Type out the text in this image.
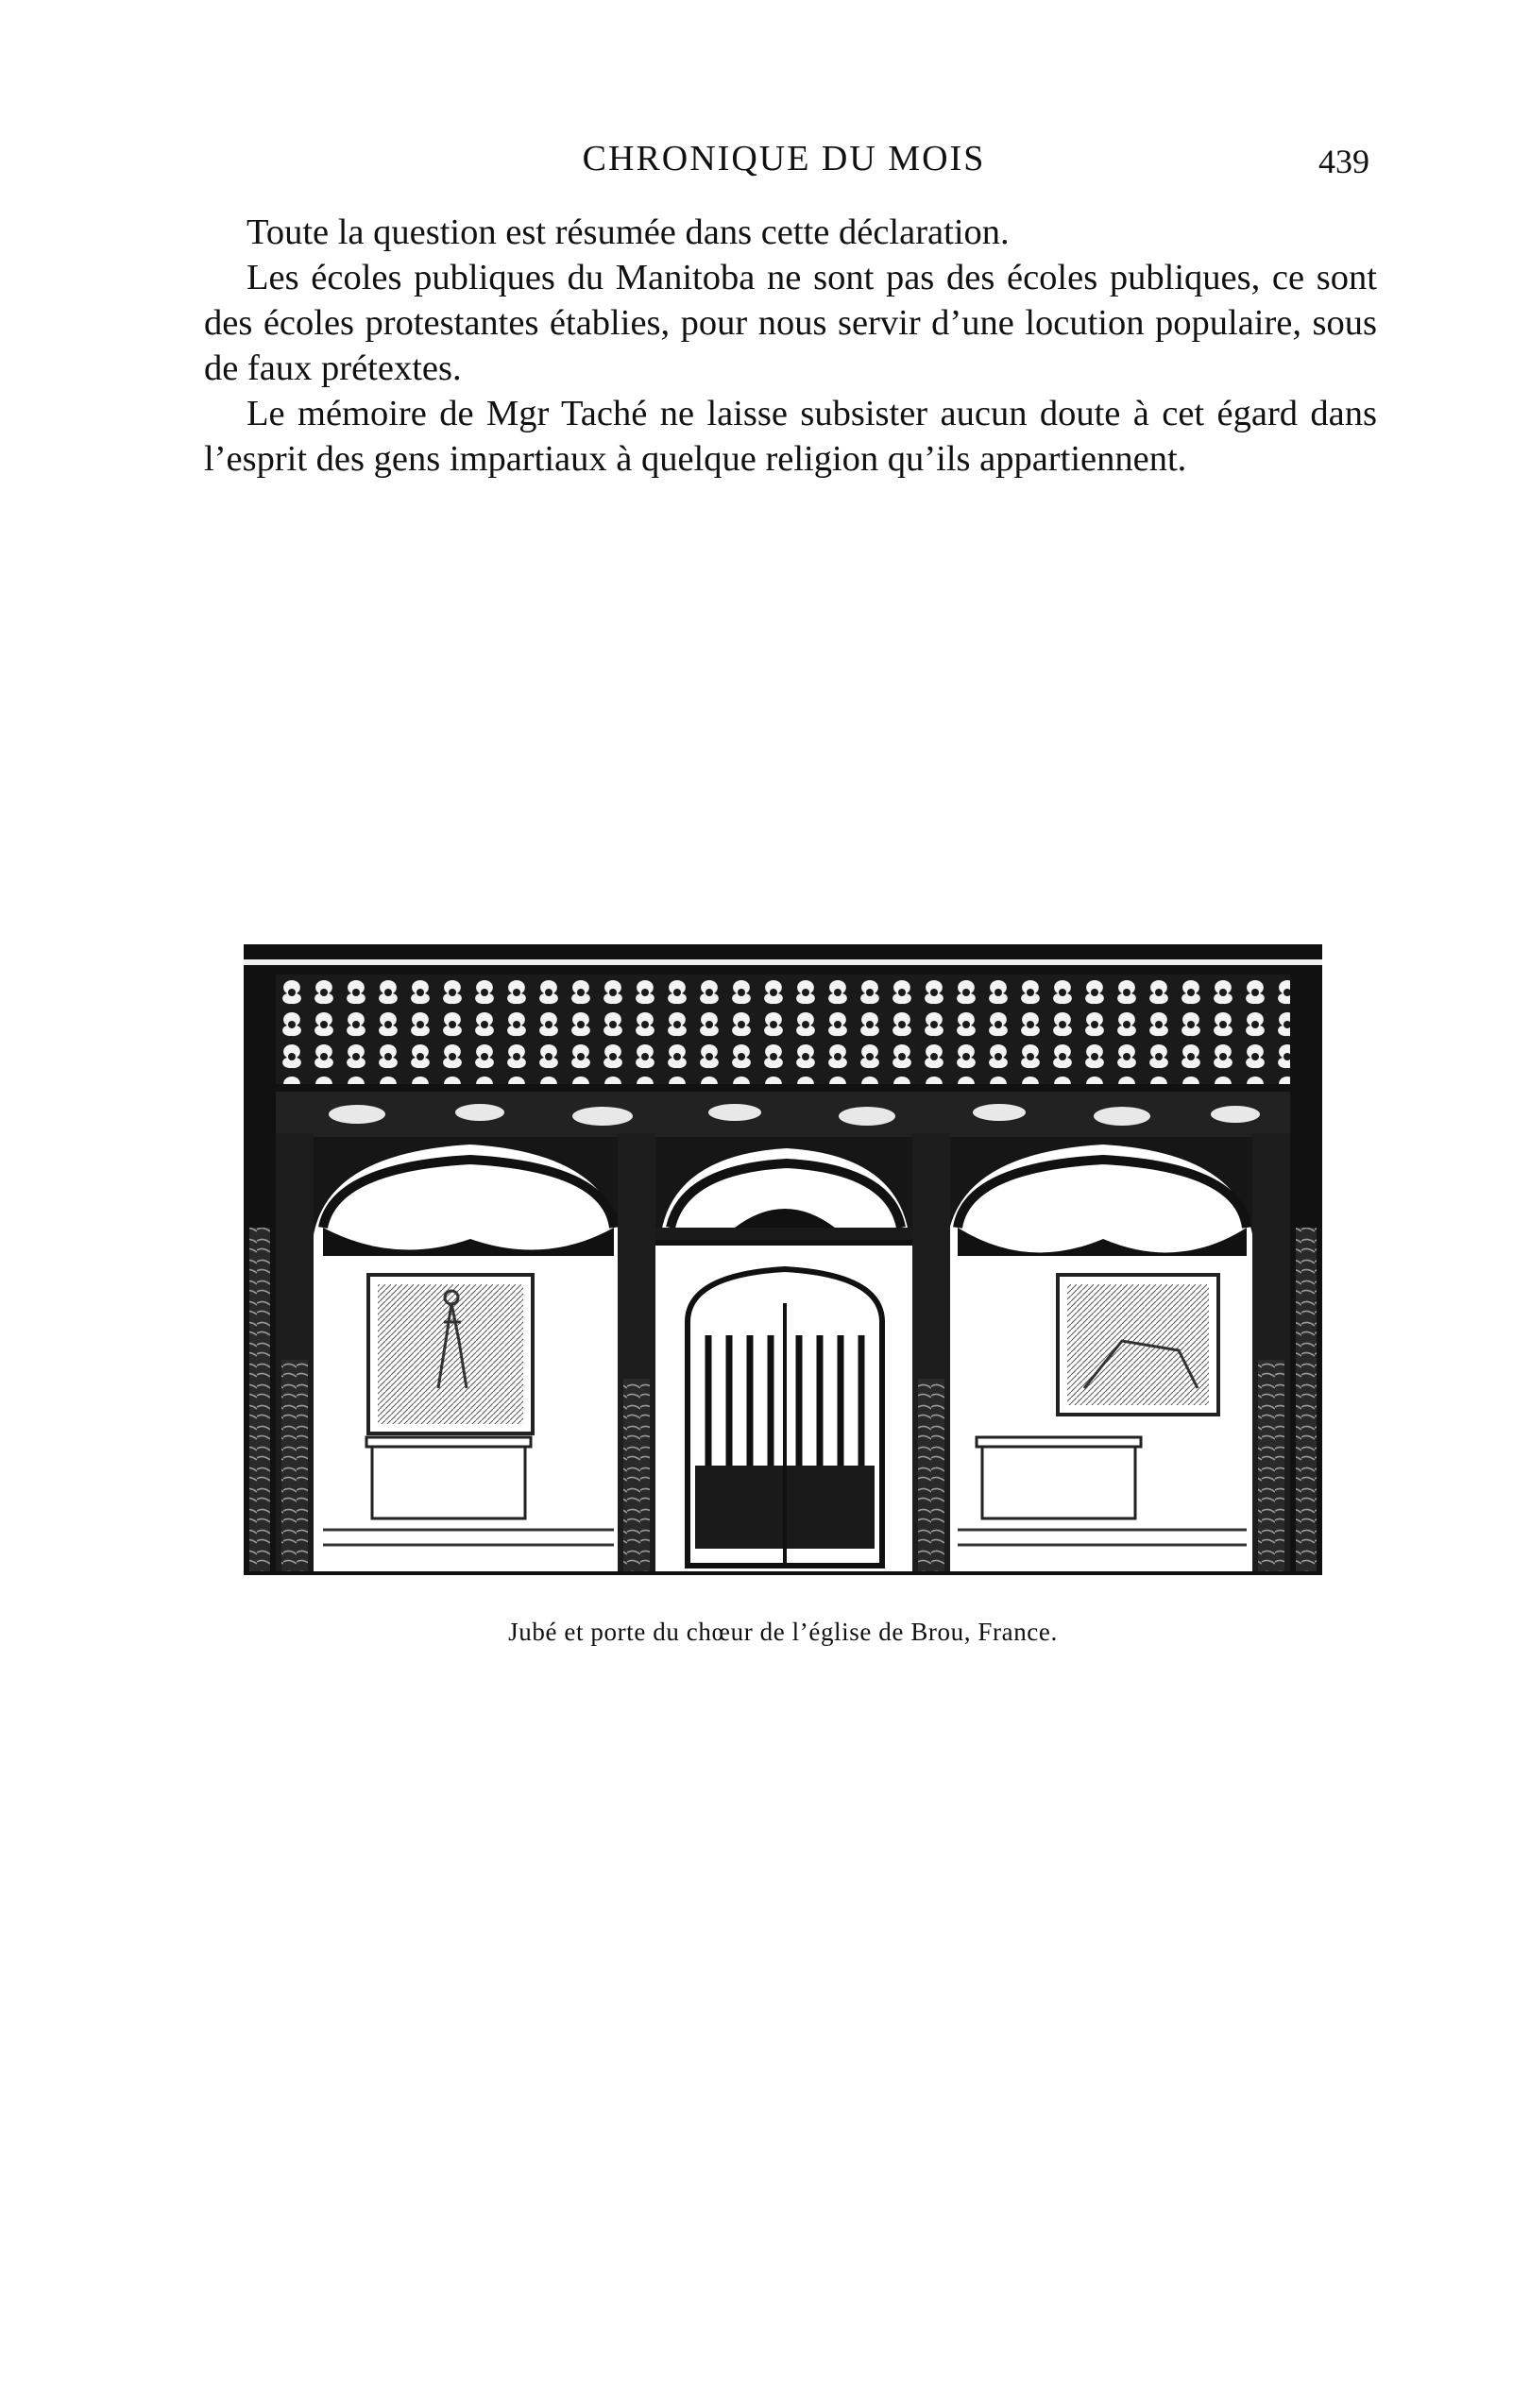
CHRONIQUE DU MOIS	439

Toute la question est résumée dans cette déclaration.

Les écoles publiques du Manitoba ne sont pas des écoles publiques, ce sont des écoles protestantes établies, pour nous servir d’une locution populaire, sous de faux prétextes.

Le mémoire de Mgr Taché ne laisse subsister aucun doute à cet égard dans l’esprit des gens impartiaux à quelque religion qu’ils appartiennent.

Jubé et porte du chœur de l’église de Brou, France.
